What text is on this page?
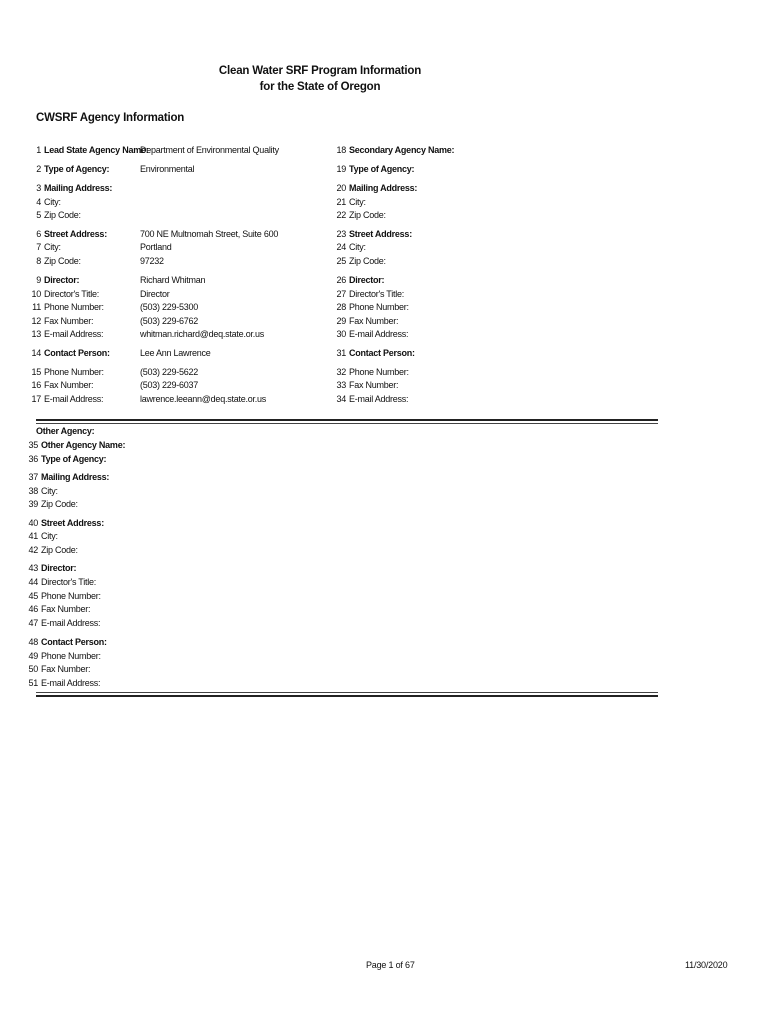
Clean Water SRF Program Information
for the State of Oregon
CWSRF Agency Information
1 Lead State Agency Name:
Department of Environmental Quality
2 Type of Agency:	Environmental
3 Mailing Address:
4 City:
5 Zip Code:
6 Street Address:	700 NE Multnomah Street, Suite 600
7 City:	Portland
8 Zip Code:	97232
9 Director:	Richard Whitman
10 Director's Title:	Director
11 Phone Number:	(503) 229-5300
12 Fax Number:	(503) 229-6762
13 E-mail Address:	whitman.richard@deq.state.or.us
14 Contact Person:	Lee Ann Lawrence
15 Phone Number:	(503) 229-5622
16 Fax Number:	(503) 229-6037
17 E-mail Address:	lawrence.leeann@deq.state.or.us
18 Secondary Agency Name:
19 Type of Agency:
20 Mailing Address:
21 City:
22 Zip Code:
23 Street Address:
24 City:
25 Zip Code:
26 Director:
27 Director's Title:
28 Phone Number:
29 Fax Number:
30 E-mail Address:
31 Contact Person:
32 Phone Number:
33 Fax Number:
34 E-mail Address:
Other Agency:
35 Other Agency Name:
36 Type of Agency:
37 Mailing Address:
38 City:
39 Zip Code:
40 Street Address:
41 City:
42 Zip Code:
43 Director:
44 Director's Title:
45 Phone Number:
46 Fax Number:
47 E-mail Address:
48 Contact Person:
49 Phone Number:
50 Fax Number:
51 E-mail Address:
Page 1 of 67	11/30/2020
